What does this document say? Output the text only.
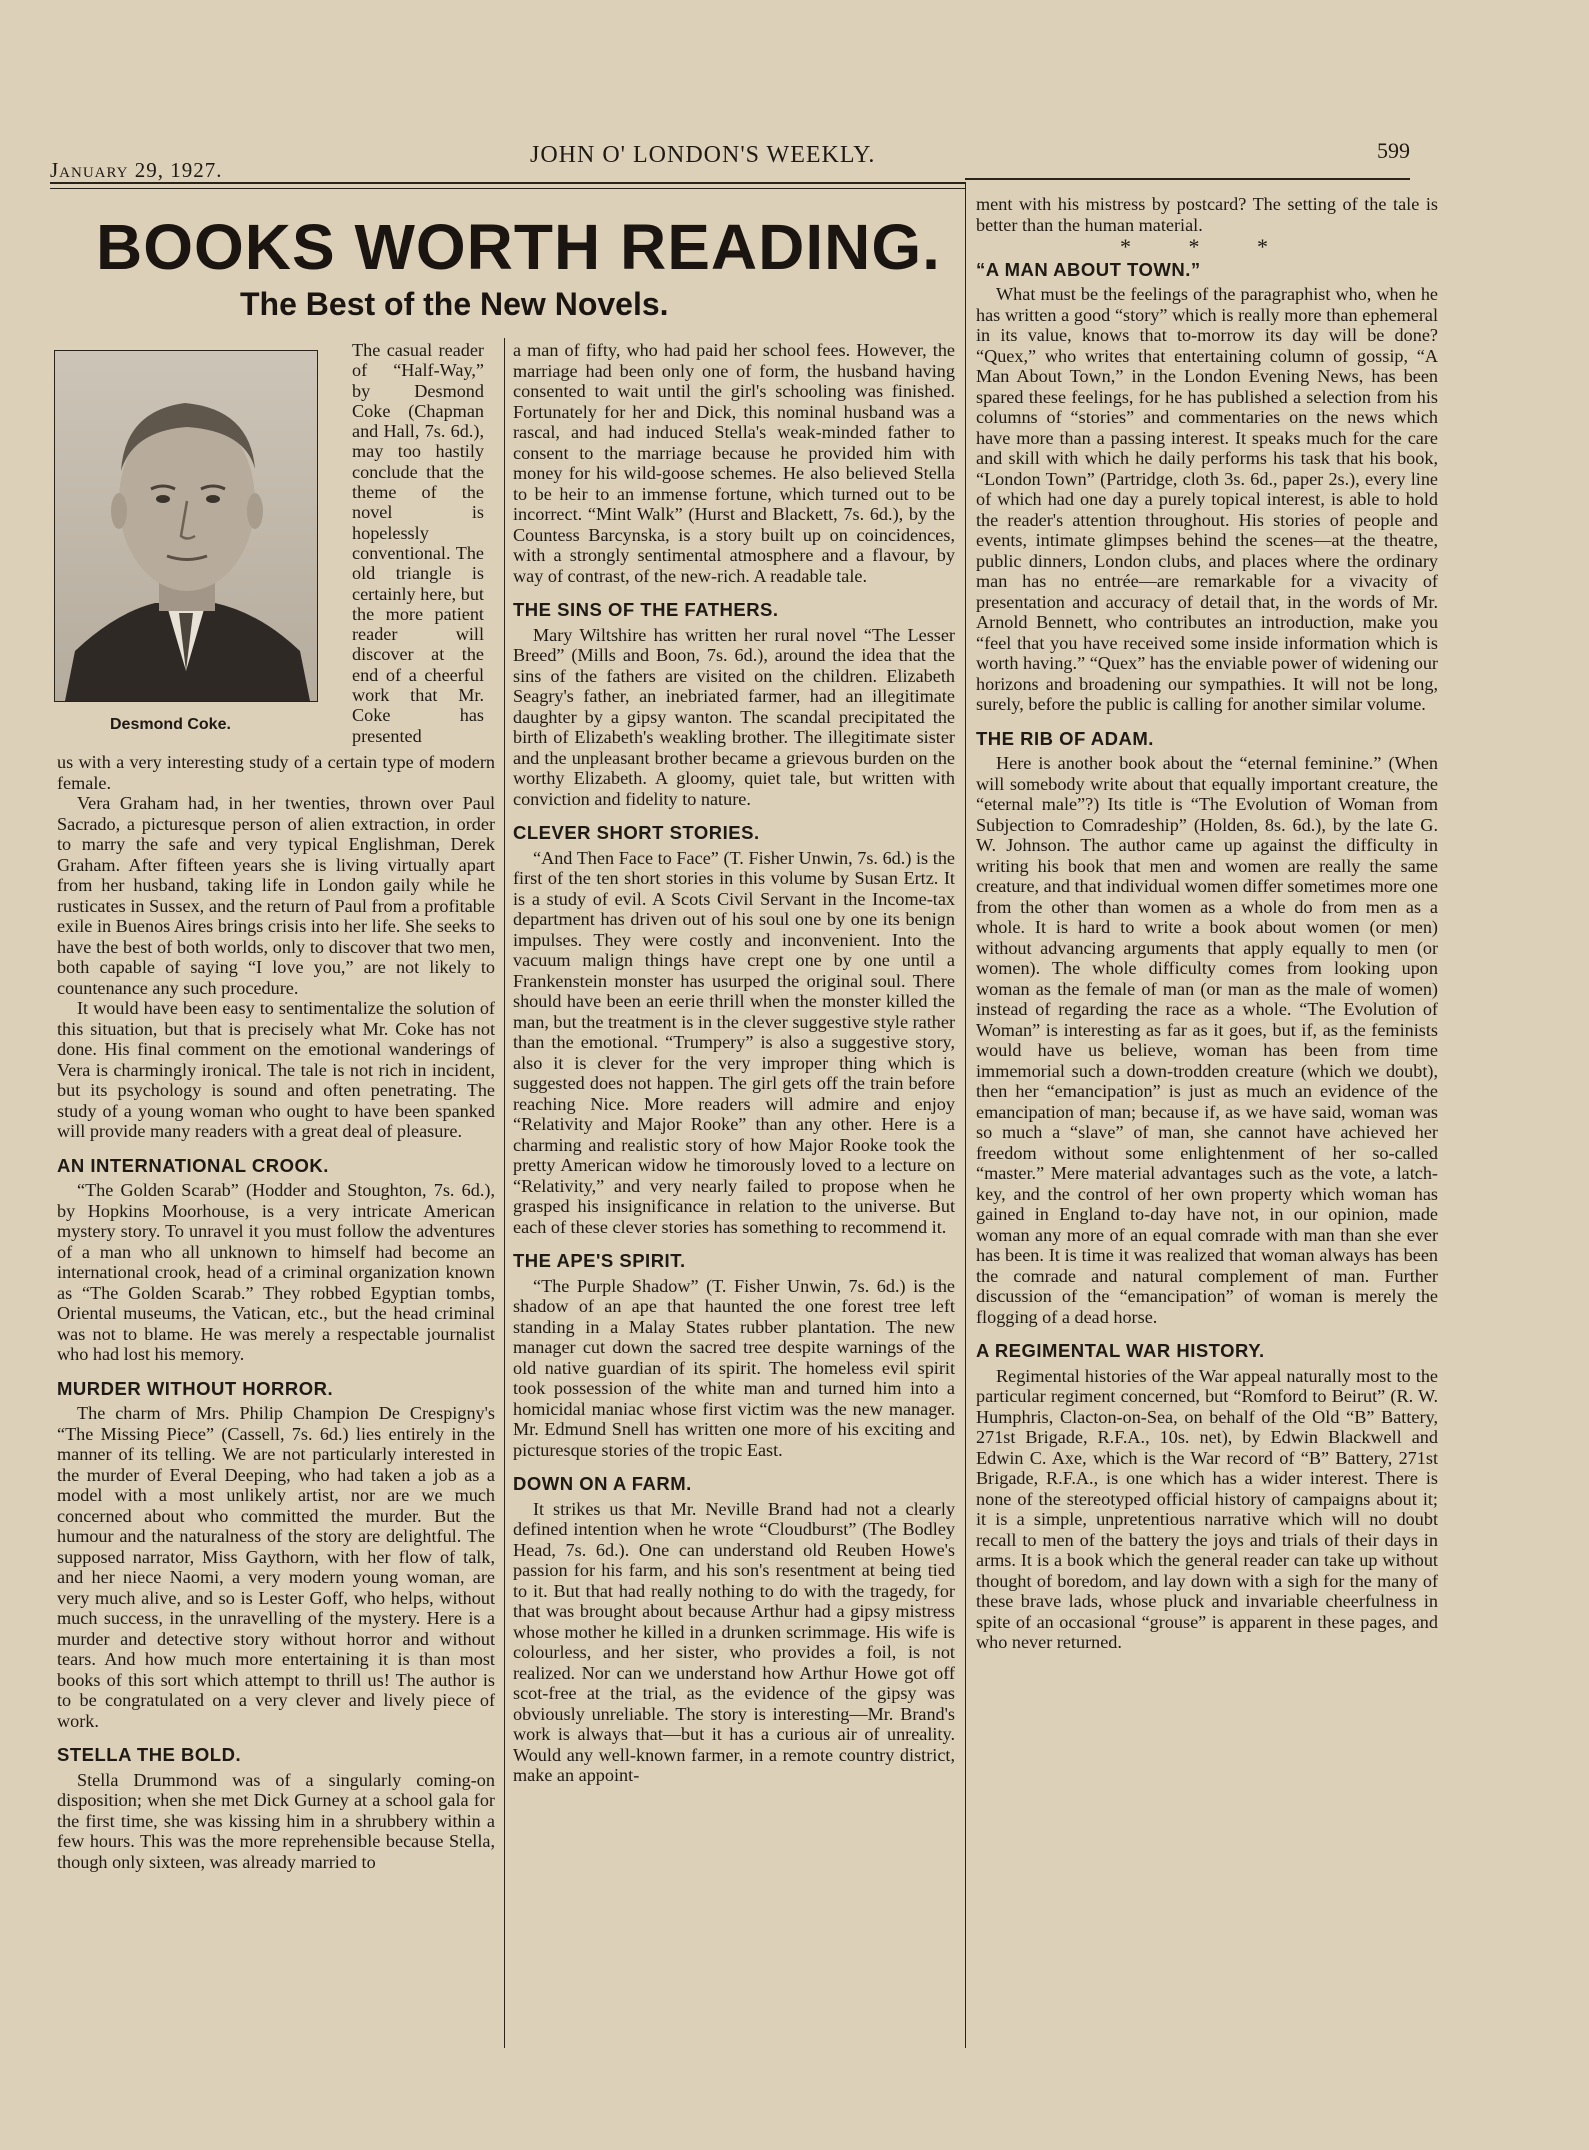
January 29, 1927.
JOHN O' LONDON'S WEEKLY.	599
BOOKS WORTH READING.
The Best of the New Novels.
Desmond Coke.

The casual reader of “Half-Way,” by Desmond Coke (Chapman and Hall, 7s. 6d.), may too hastily conclude that the theme of the novel is hopelessly conventional. The old triangle is certainly here, but the more patient reader will discover at the end of a cheerful work that Mr. Coke has presented

us with a very interesting study of a certain type of modern female.

Vera Graham had, in her twenties, thrown over Paul Sacrado, a picturesque person of alien extraction, in order to marry the safe and very typical Englishman, Derek Graham. After fifteen years she is living virtually apart from her husband, taking life in London gaily while he rusticates in Sussex, and the return of Paul from a profitable exile in Buenos Aires brings crisis into her life. She seeks to have the best of both worlds, only to discover that two men, both capable of saying “I love you,” are not likely to countenance any such procedure.

It would have been easy to sentimentalize the solution of this situation, but that is precisely what Mr. Coke has not done. His final comment on the emotional wanderings of Vera is charmingly ironical. The tale is not rich in incident, but its psychology is sound and often penetrating. The study of a young woman who ought to have been spanked will provide many readers with a great deal of pleasure.

AN INTERNATIONAL CROOK.

“The Golden Scarab” (Hodder and Stoughton, 7s. 6d.), by Hopkins Moorhouse, is a very intricate American mystery story. To unravel it you must follow the adventures of a man who all unknown to himself had become an international crook, head of a criminal organization known as “The Golden Scarab.” They robbed Egyptian tombs, Oriental museums, the Vatican, etc., but the head criminal was not to blame. He was merely a respectable journalist who had lost his memory.

MURDER WITHOUT HORROR.

The charm of Mrs. Philip Champion De Crespigny's “The Missing Piece” (Cassell, 7s. 6d.) lies entirely in the manner of its telling. We are not particularly interested in the murder of Everal Deeping, who had taken a job as a model with a most unlikely artist, nor are we much concerned about who committed the murder. But the humour and the naturalness of the story are delightful. The supposed narrator, Miss Gaythorn, with her flow of talk, and her niece Naomi, a very modern young woman, are very much alive, and so is Lester Goff, who helps, without much success, in the unravelling of the mystery. Here is a murder and detective story without horror and without tears. And how much more entertaining it is than most books of this sort which attempt to thrill us! The author is to be congratulated on a very clever and lively piece of work.

STELLA THE BOLD.

Stella Drummond was of a singularly coming-on disposition; when she met Dick Gurney at a school gala for the first time, she was kissing him in a shrubbery within a few hours. This was the more reprehensible because Stella, though only sixteen, was already married to

a man of fifty, who had paid her school fees. However, the marriage had been only one of form, the husband having consented to wait until the girl's schooling was finished. Fortunately for her and Dick, this nominal husband was a rascal, and had induced Stella's weak-minded father to consent to the marriage because he provided him with money for his wild-goose schemes. He also believed Stella to be heir to an immense fortune, which turned out to be incorrect. “Mint Walk” (Hurst and Blackett, 7s. 6d.), by the Countess Barcynska, is a story built up on coincidences, with a strongly sentimental atmosphere and a flavour, by way of contrast, of the new-rich. A readable tale.

THE SINS OF THE FATHERS.

Mary Wiltshire has written her rural novel “The Lesser Breed” (Mills and Boon, 7s. 6d.), around the idea that the sins of the fathers are visited on the children. Elizabeth Seagry's father, an inebriated farmer, had an illegitimate daughter by a gipsy wanton. The scandal precipitated the birth of Elizabeth's weakling brother. The illegitimate sister and the unpleasant brother became a grievous burden on the worthy Elizabeth. A gloomy, quiet tale, but written with conviction and fidelity to nature.

CLEVER SHORT STORIES.

“And Then Face to Face” (T. Fisher Unwin, 7s. 6d.) is the first of the ten short stories in this volume by Susan Ertz. It is a study of evil. A Scots Civil Servant in the Income-tax department has driven out of his soul one by one its benign impulses. They were costly and inconvenient. Into the vacuum malign things have crept one by one until a Frankenstein monster has usurped the original soul. There should have been an eerie thrill when the monster killed the man, but the treatment is in the clever suggestive style rather than the emotional. “Trumpery” is also a suggestive story, also it is clever for the very improper thing which is suggested does not happen. The girl gets off the train before reaching Nice. More readers will admire and enjoy “Relativity and Major Rooke” than any other. Here is a charming and realistic story of how Major Rooke took the pretty American widow he timorously loved to a lecture on “Relativity,” and very nearly failed to propose when he grasped his insignificance in relation to the universe. But each of these clever stories has something to recommend it.

THE APE'S SPIRIT.

“The Purple Shadow” (T. Fisher Unwin, 7s. 6d.) is the shadow of an ape that haunted the one forest tree left standing in a Malay States rubber plantation. The new manager cut down the sacred tree despite warnings of the old native guardian of its spirit. The homeless evil spirit took possession of the white man and turned him into a homicidal maniac whose first victim was the new manager. Mr. Edmund Snell has written one more of his exciting and picturesque stories of the tropic East.

DOWN ON A FARM.

It strikes us that Mr. Neville Brand had not a clearly defined intention when he wrote “Cloudburst” (The Bodley Head, 7s. 6d.). One can understand old Reuben Howe's passion for his farm, and his son's resentment at being tied to it. But that had really nothing to do with the tragedy, for that was brought about because Arthur had a gipsy mistress whose mother he killed in a drunken scrimmage. His wife is colourless, and her sister, who provides a foil, is not realized. Nor can we understand how Arthur Howe got off scot-free at the trial, as the evidence of the gipsy was obviously unreliable. The story is interesting—Mr. Brand's work is always that—but it has a curious air of unreality. Would any well-known farmer, in a remote country district, make an appoint-

ment with his mistress by postcard? The setting of the tale is better than the human material.

* * *
“A MAN ABOUT TOWN.”

What must be the feelings of the paragraphist who, when he has written a good “story” which is really more than ephemeral in its value, knows that to-morrow its day will be done? “Quex,” who writes that entertaining column of gossip, “A Man About Town,” in the London Evening News, has been spared these feelings, for he has published a selection from his columns of “stories” and commentaries on the news which have more than a passing interest. It speaks much for the care and skill with which he daily performs his task that his book, “London Town” (Partridge, cloth 3s. 6d., paper 2s.), every line of which had one day a purely topical interest, is able to hold the reader's attention throughout. His stories of people and events, intimate glimpses behind the scenes—at the theatre, public dinners, London clubs, and places where the ordinary man has no entrée—are remarkable for a vivacity of presentation and accuracy of detail that, in the words of Mr. Arnold Bennett, who contributes an introduction, make you “feel that you have received some inside information which is worth having.” “Quex” has the enviable power of widening our horizons and broadening our sympathies. It will not be long, surely, before the public is calling for another similar volume.

THE RIB OF ADAM.

Here is another book about the “eternal feminine.” (When will somebody write about that equally important creature, the “eternal male”?) Its title is “The Evolution of Woman from Subjection to Comradeship” (Holden, 8s. 6d.), by the late G. W. Johnson. The author came up against the difficulty in writing his book that men and women are really the same creature, and that individual women differ sometimes more one from the other than women as a whole do from men as a whole. It is hard to write a book about women (or men) without advancing arguments that apply equally to men (or women). The whole difficulty comes from looking upon woman as the female of man (or man as the male of women) instead of regarding the race as a whole. “The Evolution of Woman” is interesting as far as it goes, but if, as the feminists would have us believe, woman has been from time immemorial such a down-trodden creature (which we doubt), then her “emancipation” is just as much an evidence of the emancipation of man; because if, as we have said, woman was so much a “slave” of man, she cannot have achieved her freedom without some enlightenment of her so-called “master.” Mere material advantages such as the vote, a latch-key, and the control of her own property which woman has gained in England to-day have not, in our opinion, made woman any more of an equal comrade with man than she ever has been. It is time it was realized that woman always has been the comrade and natural complement of man. Further discussion of the “emancipation” of woman is merely the flogging of a dead horse.

A REGIMENTAL WAR HISTORY.

Regimental histories of the War appeal naturally most to the particular regiment concerned, but “Romford to Beirut” (R. W. Humphris, Clacton-on-Sea, on behalf of the Old “B” Battery, 271st Brigade, R.F.A., 10s. net), by Edwin Blackwell and Edwin C. Axe, which is the War record of “B” Battery, 271st Brigade, R.F.A., is one which has a wider interest. There is none of the stereotyped official history of campaigns about it; it is a simple, unpretentious narrative which will no doubt recall to men of the battery the joys and trials of their days in arms. It is a book which the general reader can take up without thought of boredom, and lay down with a sigh for the many of these brave lads, whose pluck and invariable cheerfulness in spite of an occasional “grouse” is apparent in these pages, and who never returned.
